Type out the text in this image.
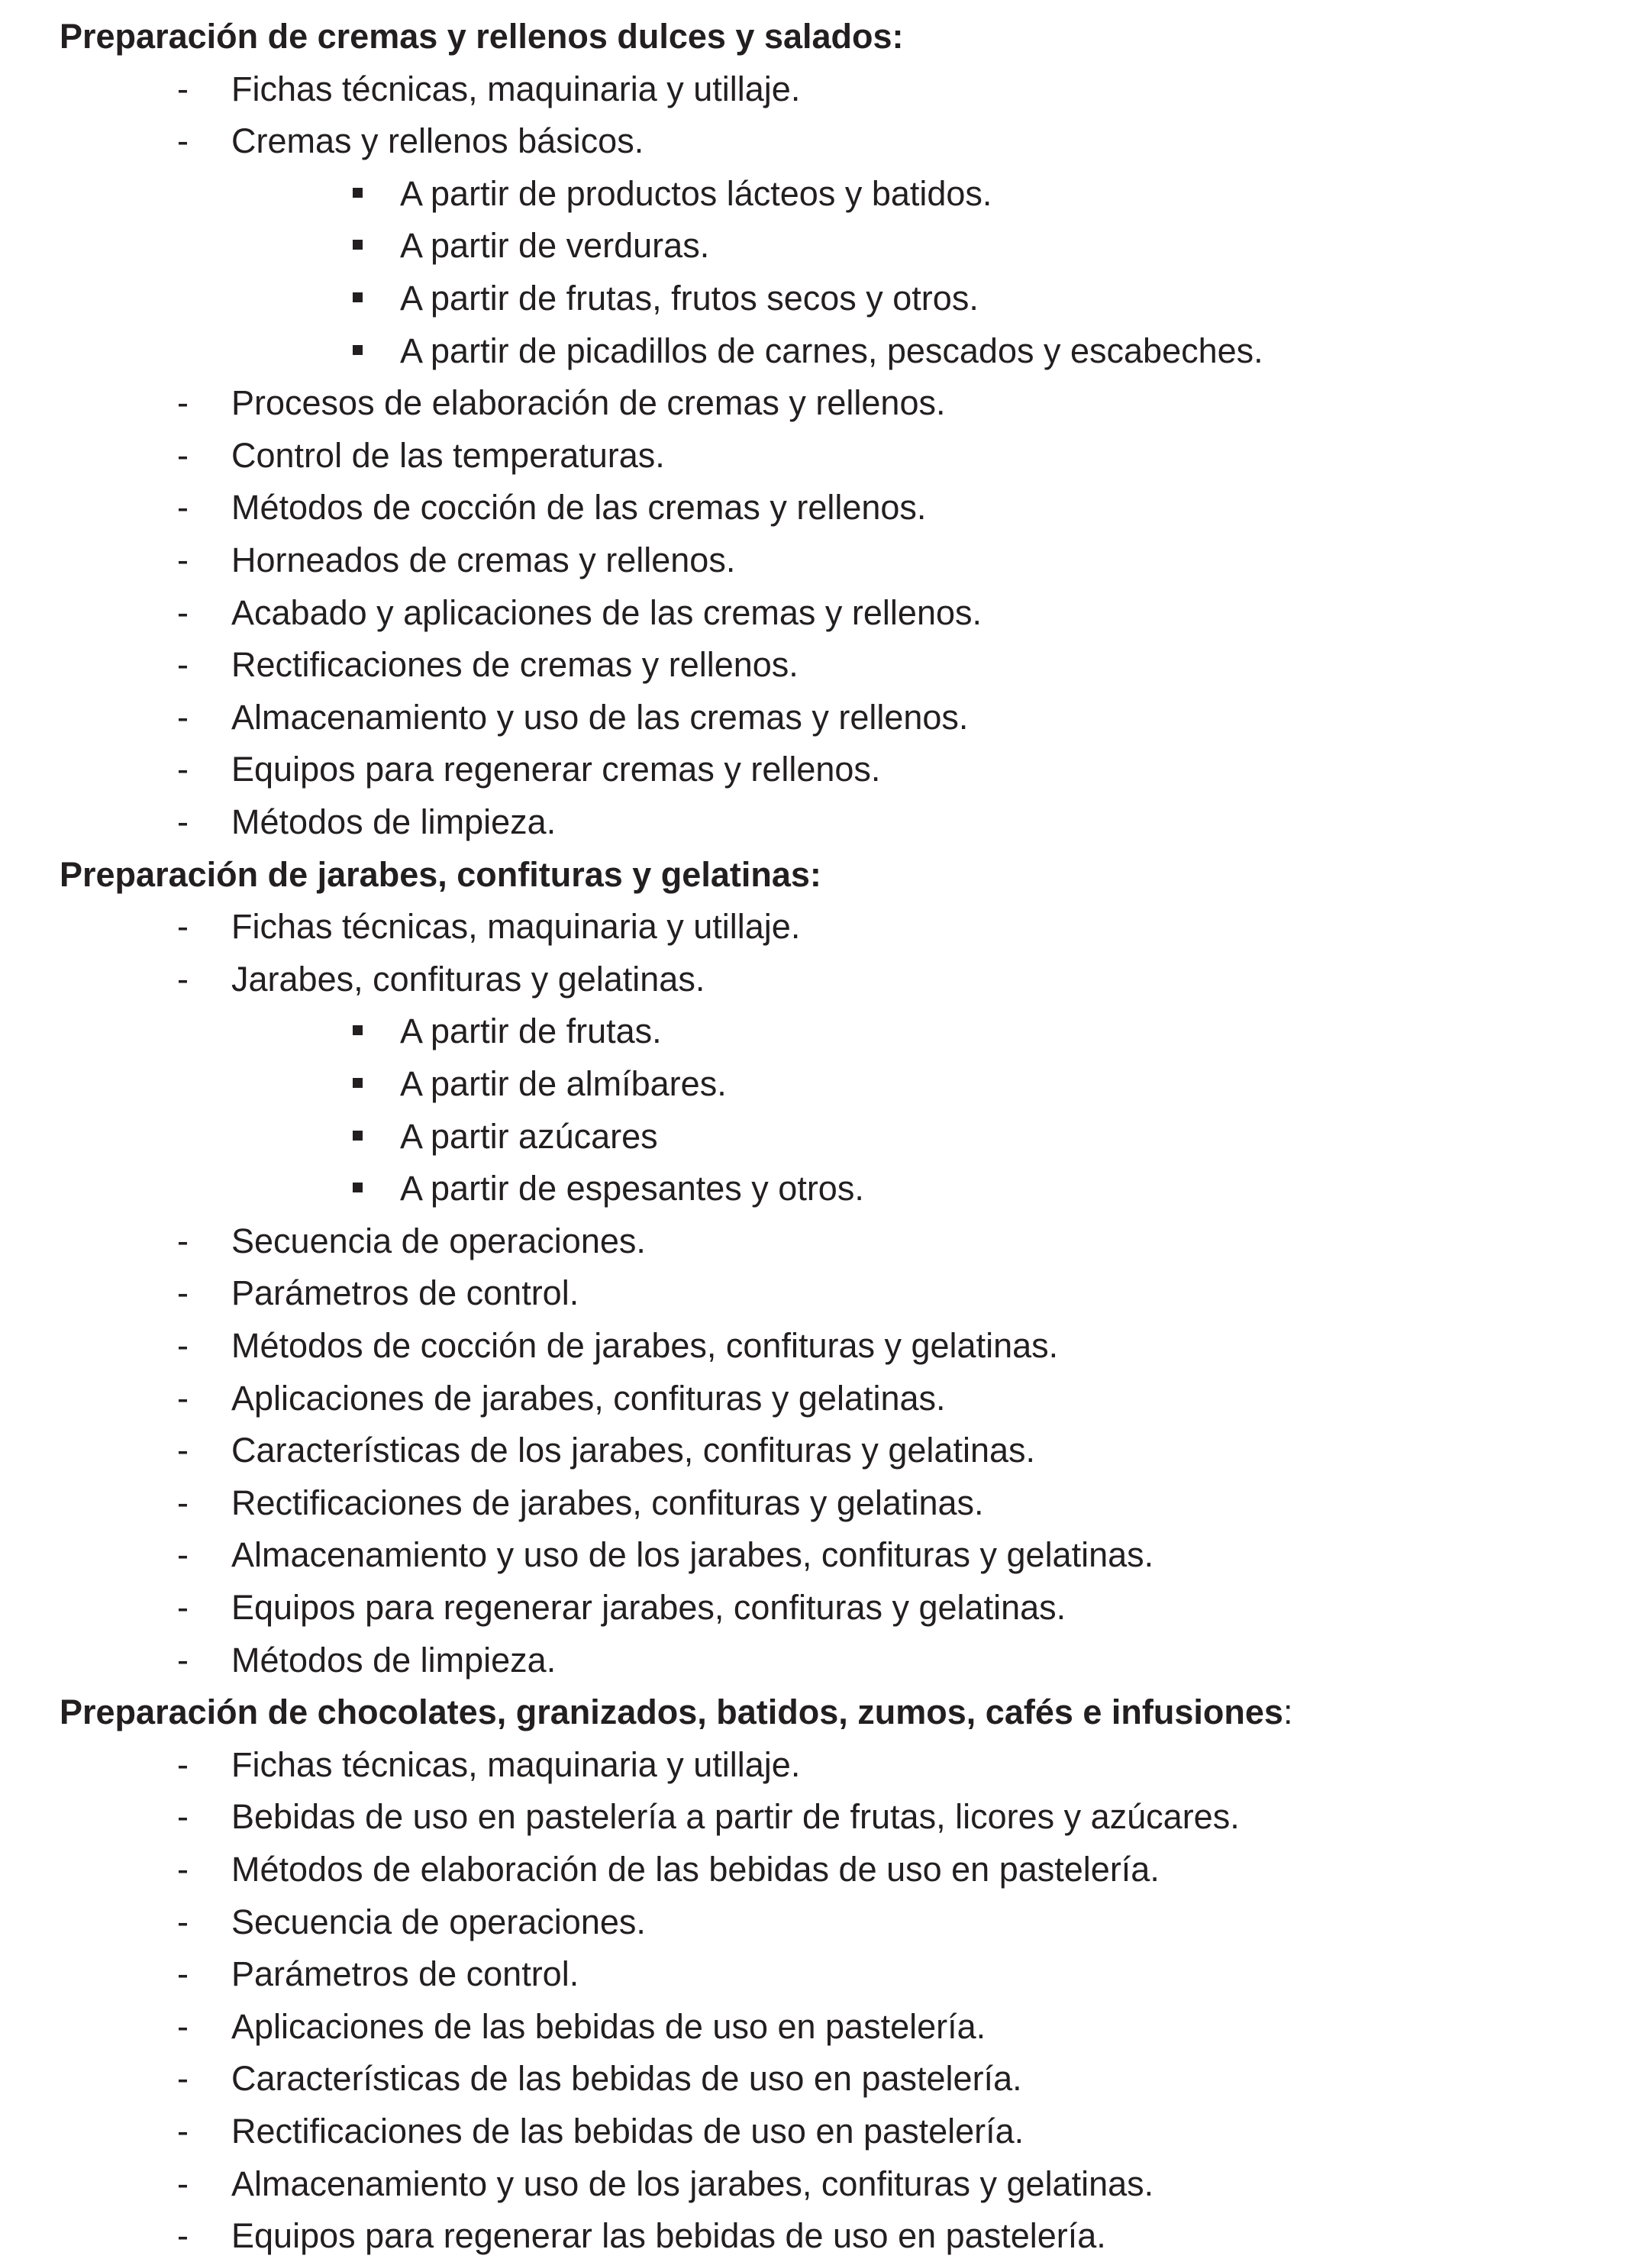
Preparación de cremas y rellenos dulces y salados:
- Fichas técnicas, maquinaria y utillaje.
- Cremas y rellenos básicos.
A partir de productos lácteos y batidos.
A partir de verduras.
A partir de frutas, frutos secos y otros.
A partir de picadillos de carnes, pescados y escabeches.
- Procesos de elaboración de cremas y rellenos.
- Control de las temperaturas.
- Métodos de cocción de las cremas y rellenos.
- Horneados de cremas y rellenos.
- Acabado y aplicaciones de las cremas y rellenos.
- Rectificaciones de cremas y rellenos.
- Almacenamiento y uso de las cremas y rellenos.
- Equipos para regenerar cremas y rellenos.
- Métodos de limpieza.
Preparación de jarabes, confituras y gelatinas:
- Fichas técnicas, maquinaria y utillaje.
- Jarabes, confituras y gelatinas.
A partir de frutas.
A partir de almíbares.
A partir azúcares
A partir de espesantes y otros.
- Secuencia de operaciones.
- Parámetros de control.
- Métodos de cocción de jarabes, confituras y gelatinas.
- Aplicaciones de jarabes, confituras y gelatinas.
- Características de los jarabes, confituras y gelatinas.
- Rectificaciones de jarabes, confituras y gelatinas.
- Almacenamiento y uso de los jarabes, confituras y gelatinas.
- Equipos para regenerar jarabes, confituras y gelatinas.
- Métodos de limpieza.
Preparación de chocolates, granizados, batidos, zumos, cafés e infusiones:
- Fichas técnicas, maquinaria y utillaje.
- Bebidas de uso en pastelería a partir de frutas, licores y azúcares.
- Métodos de elaboración de las bebidas de uso en pastelería.
- Secuencia de operaciones.
- Parámetros de control.
- Aplicaciones de las bebidas de uso en pastelería.
- Características de las bebidas de uso en pastelería.
- Rectificaciones de las bebidas de uso en pastelería.
- Almacenamiento y uso de los jarabes, confituras y gelatinas.
- Equipos para regenerar las bebidas de uso en pastelería.
